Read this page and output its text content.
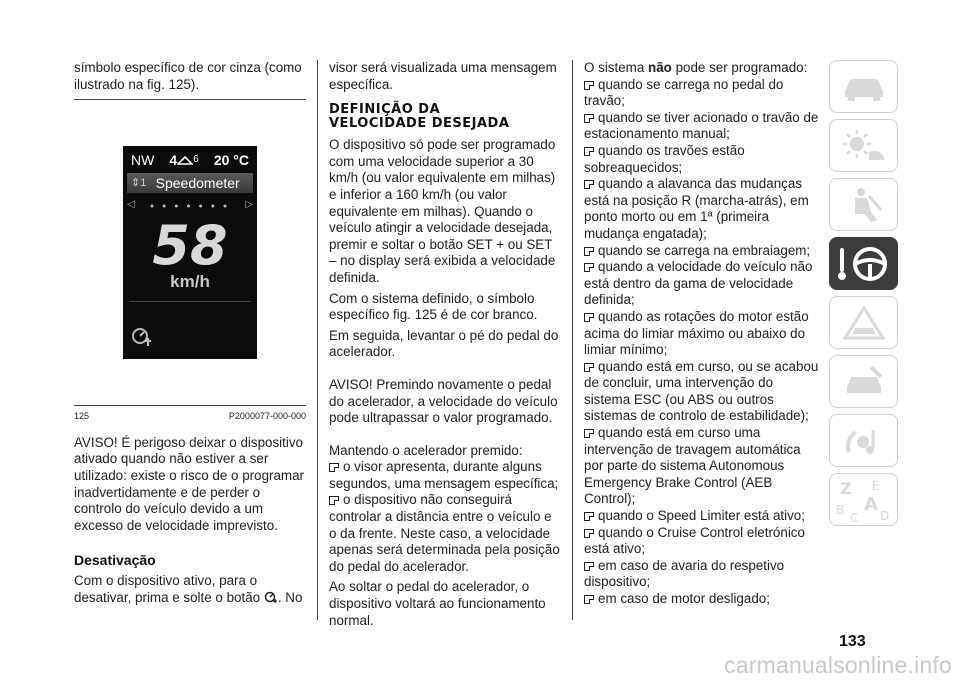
símbolo específico de cor cinza (como ilustrado na fig. 125).

NW 4 6 20 °C
⇕1 Speedometer
◁ ● ● ● ● ● ● ● ▷
58
km/h
125	P2000077-000-000

AVISO! É perigoso deixar o dispositivo ativado quando não estiver a ser utilizado: existe o risco de o programar inadvertidamente e de perder o controlo do veículo devido a um excesso de velocidade imprevisto.

Desativação

Com o dispositivo ativo, para o desativar, prima e solte o botão . No

visor será visualizada uma mensagem específica.

DEFINIÇÃO DA
VELOCIDADE DESEJADA

O dispositivo só pode ser programado com uma velocidade superior a 30 km/h (ou valor equivalente em milhas) e inferior a 160 km/h (ou valor equivalente em milhas). Quando o veículo atingir a velocidade desejada, premir e soltar o botão SET + ou SET – no display será exibida a velocidade definida.

Com o sistema definido, o símbolo específico fig. 125 é de cor branco.

Em seguida, levantar o pé do pedal do acelerador.

AVISO! Premindo novamente o pedal do acelerador, a velocidade do veículo pode ultrapassar o valor programado.

Mantendo o acelerador premido:

o visor apresenta, durante alguns segundos, uma mensagem específica;

o dispositivo não conseguirá controlar a distância entre o veículo e o da frente. Neste caso, a velocidade apenas será determinada pela posição do pedal do acelerador.

Ao soltar o pedal do acelerador, o dispositivo voltará ao funcionamento normal.

O sistema não pode ser programado:

quando se carrega no pedal do travão;

quando se tiver acionado o travão de estacionamento manual;

quando os travões estão sobreaquecidos;

quando a alavanca das mudanças está na posição R (marcha-atrás), em ponto morto ou em 1ª (primeira mudança engatada);

quando se carrega na embraiagem;

quando a velocidade do veículo não está dentro da gama de velocidade definida;

quando as rotações do motor estão acima do limiar máximo ou abaixo do limiar mínimo;

quando está em curso, ou se acabou de concluir, uma intervenção do sistema ESC (ou ABS ou outros sistemas de controlo de estabilidade);

quando está em curso uma intervenção de travagem automática por parte do sistema Autonomous Emergency Brake Control (AEB Control);

quando o Speed Limiter está ativo;

quando o Cruise Control eletrónico está ativo;

em caso de avaria do respetivo dispositivo;

em caso de motor desligado;

Z E
B A
C D
133
carmanualsonline.info
